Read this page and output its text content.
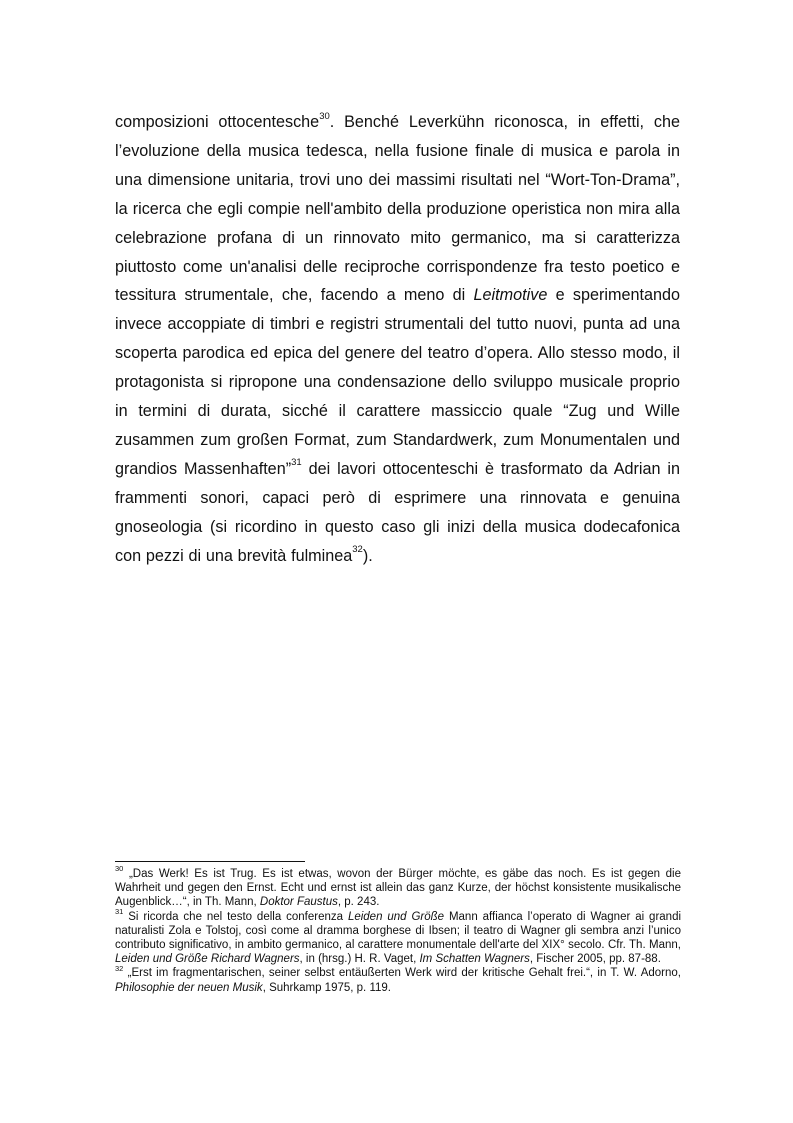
composizioni ottocentesche$^{30}$. Benché Leverkühn riconosca, in effetti, che l’evoluzione della musica tedesca, nella fusione finale di musica e parola in una dimensione unitaria, trovi uno dei massimi risultati nel “Wort-Ton-Drama”, la ricerca che egli compie nell'ambito della produzione operistica non mira alla celebrazione profana di un rinnovato mito germanico, ma si caratterizza piuttosto come un'analisi delle reciproche corrispondenze fra testo poetico e tessitura strumentale, che, facendo a meno di Leitmotive e sperimentando invece accoppiate di timbri e registri strumentali del tutto nuovi, punta ad una scoperta parodica ed epica del genere del teatro d’opera. Allo stesso modo, il protagonista si ripropone una condensazione dello sviluppo musicale proprio in termini di durata, sicché il carattere massiccio quale “Zug und Wille zusammen zum großen Format, zum Standardwerk, zum Monumentalen und grandios Massenhaften”$^{31}$ dei lavori ottocenteschi è trasformato da Adrian in frammenti sonori, capaci però di esprimere una rinnovata e genuina gnoseologia (si ricordino in questo caso gli inizi della musica dodecafonica con pezzi di una brevità fulminea$^{32}$).

$^{30}$ „Das Werk! Es ist Trug. Es ist etwas, wovon der Bürger möchte, es gäbe das noch. Es ist gegen die Wahrheit und gegen den Ernst. Echt und ernst ist allein das ganz Kurze, der höchst konsistente musikalische Augenblick…“, in Th. Mann, Doktor Faustus, p. 243.

$^{31}$ Si ricorda che nel testo della conferenza Leiden und Größe Mann affianca l’operato di Wagner ai grandi naturalisti Zola e Tolstoj, così come al dramma borghese di Ibsen; il teatro di Wagner gli sembra anzi l’unico contributo significativo, in ambito germanico, al carattere monumentale dell'arte del XIX° secolo. Cfr. Th. Mann, Leiden und Größe Richard Wagners, in (hrsg.) H. R. Vaget, Im Schatten Wagners, Fischer 2005, pp. 87-88.

$^{32}$ „Erst im fragmentarischen, seiner selbst entäußerten Werk wird der kritische Gehalt frei.“, in T. W. Adorno, Philosophie der neuen Musik, Suhrkamp 1975, p. 119.
